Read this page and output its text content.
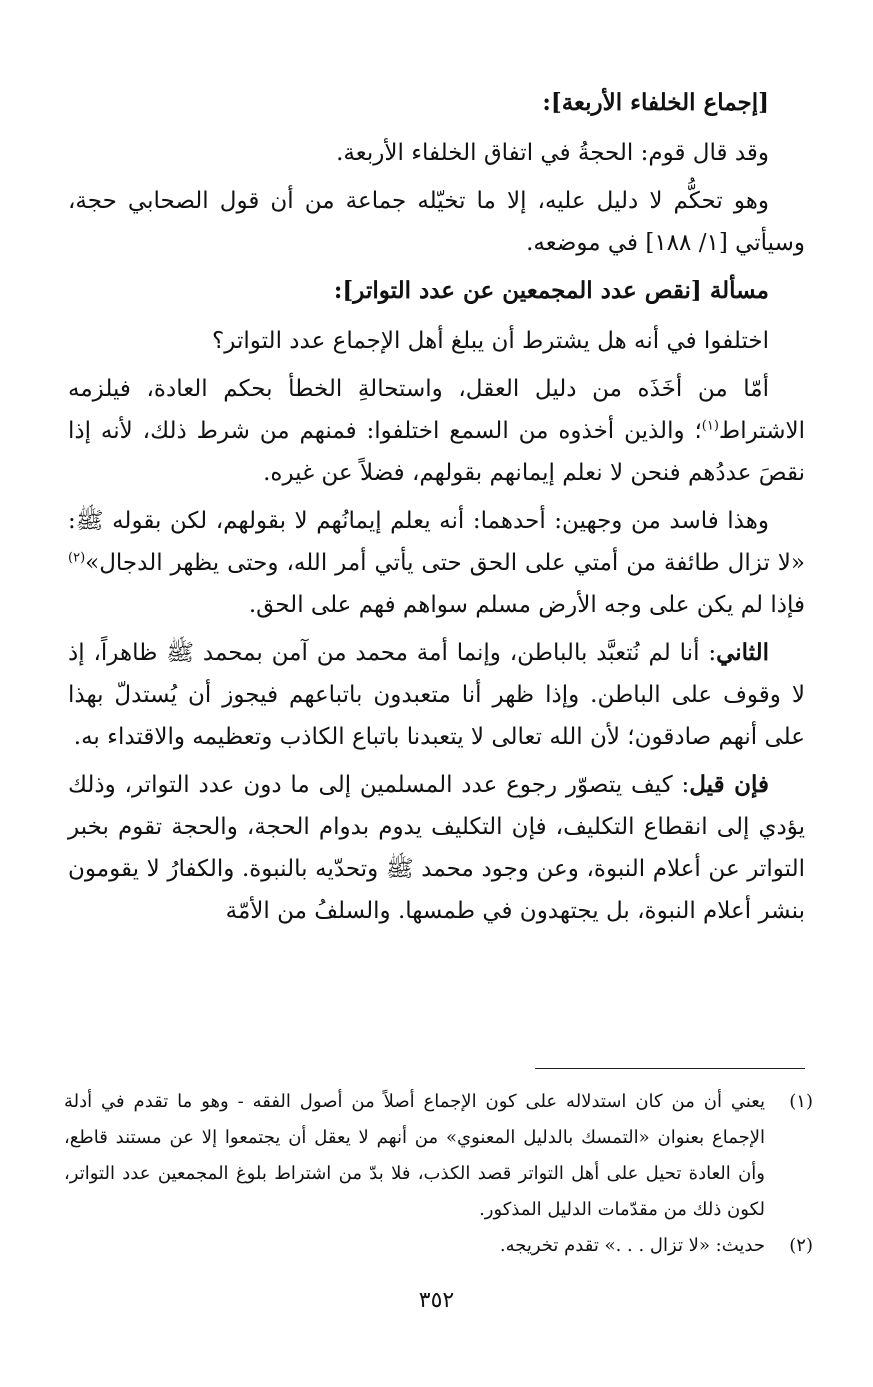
[إجماع الخلفاء الأربعة]:

وقد قال قوم: الحجةُ في اتفاق الخلفاء الأربعة.

وهو تحكُّم لا دليل عليه، إلا ما تخيّله جماعة من أن قول الصحابي حجة، وسيأتي [١/ ١٨٨] في موضعه.

مسألة [نقص عدد المجمعين عن عدد التواتر]:

اختلفوا في أنه هل يشترط أن يبلغ أهل الإجماع عدد التواتر؟

أمّا من أخَذَه من دليل العقل، واستحالةِ الخطأ بحكم العادة، فيلزمه الاشتراط$^{(١)}$؛ والذين أخذوه من السمع اختلفوا: فمنهم من شرط ذلك، لأنه إذا نقصَ عددُهم فنحن لا نعلم إيمانهم بقولهم، فضلاً عن غيره.

وهذا فاسد من وجهين: أحدهما: أنه يعلم إيمانُهم لا بقولهم، لكن بقوله ﷺ: «لا تزال طائفة من أمتي على الحق حتى يأتي أمر الله، وحتى يظهر الدجال»$^{(٢)}$ فإذا لم يكن على وجه الأرض مسلم سواهم فهم على الحق.

الثاني: أنا لم نُتعبَّد بالباطن، وإنما أمة محمد من آمن بمحمد ﷺ ظاهراً، إذ لا وقوف على الباطن. وإذا ظهر أنا متعبدون باتباعهم فيجوز أن يُستدلّ بهذا على أنهم صادقون؛ لأن الله تعالى لا يتعبدنا باتباع الكاذب وتعظيمه والاقتداء به.

فإن قيل: كيف يتصوّر رجوع عدد المسلمين إلى ما دون عدد التواتر، وذلك يؤدي إلى انقطاع التكليف، فإن التكليف يدوم بدوام الحجة، والحجة تقوم بخبر التواتر عن أعلام النبوة، وعن وجود محمد ﷺ وتحدّيه بالنبوة. والكفارُ لا يقومون بنشر أعلام النبوة، بل يجتهدون في طمسها. والسلفُ من الأمّة

(١)
يعني أن من كان استدلاله على كون الإجماع أصلاً من أصول الفقه - وهو ما تقدم في أدلة الإجماع بعنوان «التمسك بالدليل المعنوي» من أنهم لا يعقل أن يجتمعوا إلا عن مستند قاطع، وأن العادة تحيل على أهل التواتر قصد الكذب، فلا بدّ من اشتراط بلوغ المجمعين عدد التواتر، لكون ذلك من مقدّمات الدليل المذكور.
(٢)
حديث: «لا تزال . . .» تقدم تخريجه.
٣٥٢
